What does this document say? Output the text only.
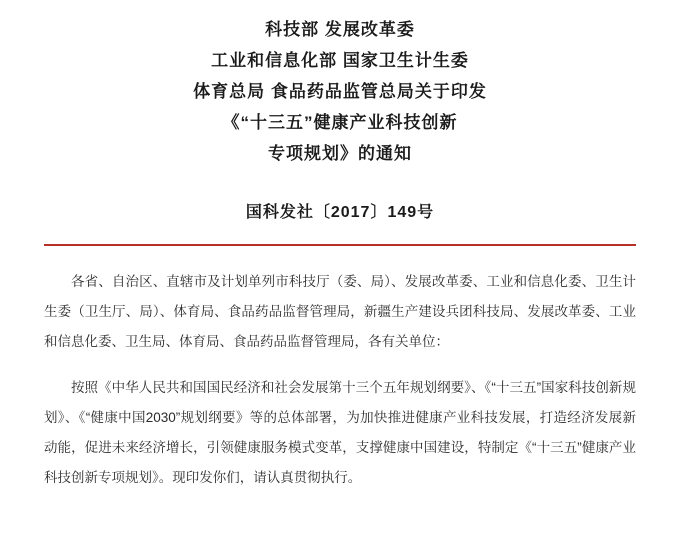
科技部 发展改革委
工业和信息化部 国家卫生计生委
体育总局 食品药品监管总局关于印发
《“十三五”健康产业科技创新
专项规划》的通知
国科发社〔2017〕149号

各省、自治区、直辖市及计划单列市科技厅（委、局）、发展改革委、工业和信息化委、卫生计生委（卫生厅、局）、体育局、食品药品监督管理局，新疆生产建设兵团科技局、发展改革委、工业和信息化委、卫生局、体育局、食品药品监督管理局，各有关单位：

按照《中华人民共和国国民经济和社会发展第十三个五年规划纲要》、《“十三五”国家科技创新规划》、《“健康中国2030”规划纲要》等的总体部署，为加快推进健康产业科技发展，打造经济发展新动能，促进未来经济增长，引领健康服务模式变革，支撑健康中国建设，特制定《“十三五”健康产业科技创新专项规划》。现印发你们，请认真贯彻执行。
